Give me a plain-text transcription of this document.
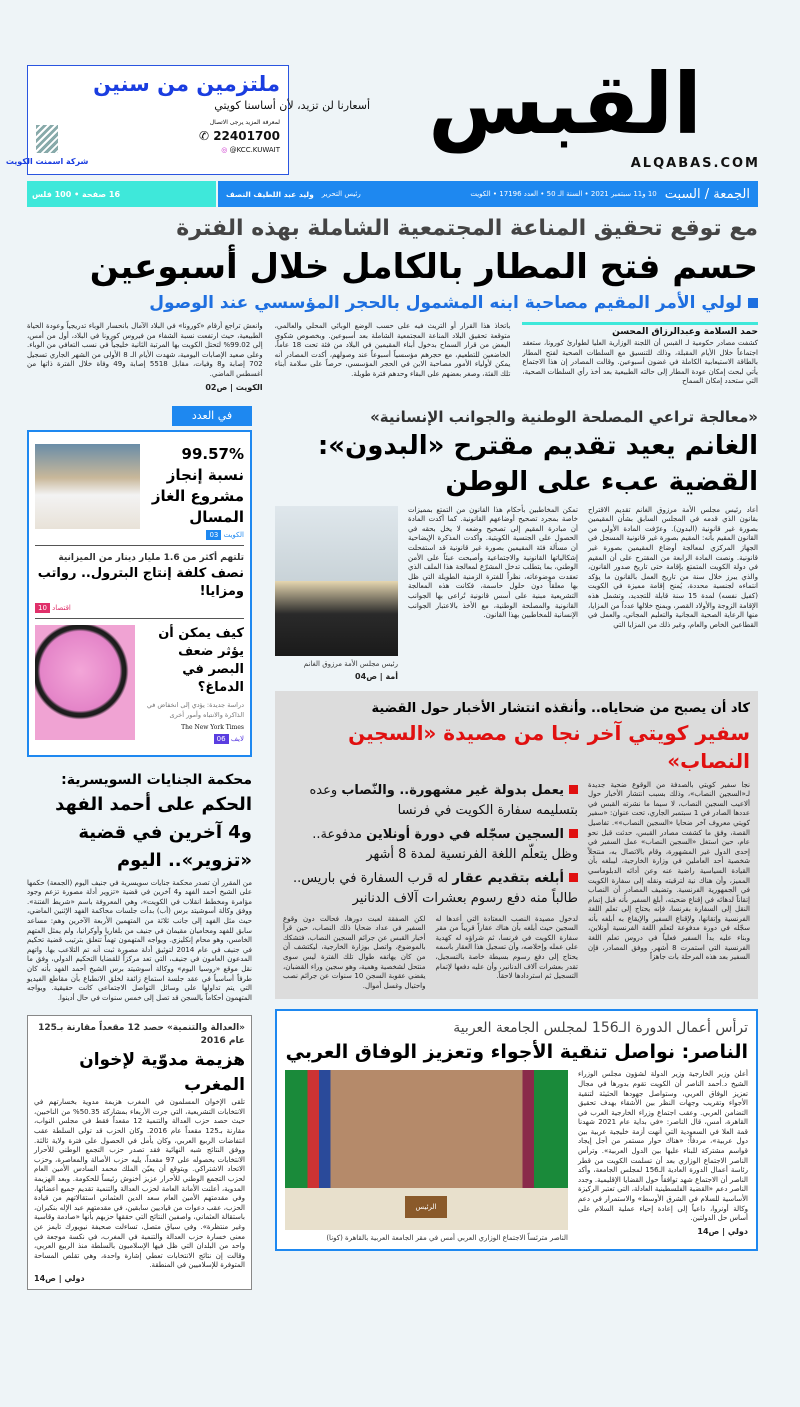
القبس
ALQABAS.COM
ملتزمين من سنين
أسعارنا لن تزيد، لأن أساسنا كويتي
لمعرفة المزيد يرجى الاتصال
✆ 22401700
◎ @KCC.KUWAIT
شركة اسمنت الكويت
الجمعة / السبت
10 و11 سبتمبر 2021 • السنة الـ 50 • العدد 17196 • الكويت
رئيس التحرير
وليد عبد اللطيف النصف
16 صفحة • 100 فلس
مع توقع تحقيق المناعة المجتمعية الشاملة بهذه الفترة
حسم فتح المطار بالكامل خلال أسبوعين
لولي الأمر المقيم مصاحبة ابنه المشمول بالحجر المؤسسي عند الوصول
حمد السلامة وعبدالرزاق المحسن
كشفت مصادر حكومية لـ القبس أن اللجنة الوزارية العليا لطوارئ كورونا، ستعقد اجتماعاً خلال الأيام المقبلة، وذلك للتنسيق مع السلطات الصحية لفتح المطار بالطاقة الاستيعابية الكاملة في غضون أسبوعين. وقالت المصادر إن هذا الاجتماع يأتي لبحث إمكان عودة المطار إلى حالته الطبيعية بعد أخذ رأي السلطات الصحية، التي ستحدد إمكان السماح
باتخاذ هذا القرار أو التريث فيه على حسب الوضع الوبائي المحلي والعالمي، متوقعة تحقيق البلاد المناعة المجتمعية الشاملة بعد أسبوعين. وبخصوص شكوى البعض من قرار السماح بدخول أبناء المقيمين في البلاد من فئة تحت 18 عاماً، الخاضعين للتطعيم، مع حجرهم مؤسسياً أسبوعاً عند وصولهم، أكدت المصادر أنه يمكن لأولياء الأمور مصاحبة الابن في الحجر المؤسسي، حرصاً على سلامة أبناء تلك الفئة، وصغر بعضهم على البقاء وحدهم فترة طويلة.
وانعش تراجع أرقام «كورونا» في البلاد الآمال بانحسار الوباء تدريجياً وعودة الحياة الطبيعية، حيث ارتفعت نسبة الشفاء من فيروس كورونا في البلاد، أول من أمس، إلى 99.02% لتحتل الكويت بها المرتبة الثانية خليجياً في نسب التعافي من الوباء. وعلى صعيد الإصابات اليومية، شهدت الأيام الـ 8 الأولى من الشهر الجاري تسجيل 702 إصابة و8 وفيات، مقابل 5518 إصابة و49 وفاة خلال الفترة ذاتها من أغسطس الماضي.
الكويت | ص02
«معالجة تراعي المصلحة الوطنية والجوانب الإنسانية»
الغانم يعيد تقديم مقترح «البدون»: القضية عبء على الوطن
أعاد رئيس مجلس الأمة مرزوق الغانم تقديم الاقتراح بقانون الذي قدمه في المجلس السابق بشأن المقيمين بصورة غير قانونية (البدون). وعرّفت المادة الأولى من القانون المقيم بأنه: المقيم بصورة غير قانونية المسجل في الجهاز المركزي لمعالجة أوضاع المقيمين بصورة غير قانونية. ونصت المادة الرابعة من المقترح على أن المقيم في دولة الكويت المتمتع بإقامة حتى تاريخ صدور القانون، والذي يبرز خلال سنة من تاريخ العمل بالقانون ما يؤكد انتماءه لجنسية محددة، يُمنح إقامة مميزة في الكويت (كفيل نفسه) لمدة 15 سنة قابلة للتجديد، وتشمل هذه الإقامة الزوجة والأولاد القصر، ويمنح خلالها عدداً من المزايا، منها الرعاية الصحية المجانية والتعليم المجاني، والعمل في القطاعين الخاص والعام، وغير ذلك من المزايا التي
تمكن المخاطبين بأحكام هذا القانون من التمتع بمميزات خاصة بمجرد تصحيح أوضاعهم القانونية. كما أكدت المادة أن مبادرة المقيم إلى تصحيح وضعه لا يخل بحقه في الحصول على الجنسية الكويتية. وأكدت المذكرة الإيضاحية أن مسألة فئة المقيمين بصورة غير قانونية قد استفحلت إشكالياتها القانونية والاجتماعية وأصبحت عبئاً على الأمن الوطني، بما يتطلب تدخل المشرّع لمعالجة هذا الملف الذي تعقدت موضوعاته، نظراً للفترة الزمنية الطويلة التي ظل بها معلقاً دون حلول حاسمة، فكانت هذه المعالجة التشريعية مبنية على أسس قانونية تُراعى بها الجوانب القانونية والمصلحة الوطنية، مع الأخذ بالاعتبار الجوانب الإنسانية للمخاطبين بهذا القانون.
رئيس مجلس الأمة مرزوق الغانم
أمة | ص04
كاد أن يصبح من ضحاياه.. وأنقذه انتشار الأخبار حول القضية
سفير كويتي آخر نجا من مصيدة «السجين النصاب»
نجا سفير كويتي بالصدفة من الوقوع ضحية جديدة لـ«السجين النصاب»، وذلك بسبب انتشار الأخبار حول ألاعيب السجين النصاب، لا سيما ما نشرته القبس في عددها الصادر في 1 سبتمبر الجاري، تحت عنوان: «سفير كويتي معروف آخر ضحايا «السجين النصاب»». تفاصيل القصة، وفق ما كشفت مصادر القبس، حدثت قبل نحو عام، حين استغل «السجين النصاب» عمل السفير في إحدى الدول غير المشهورة، وقام بالاتصال به، منتحلاً شخصية أحد العاملين في وزارة الخارجية، ليبلغه بأن القيادة السياسية راضية عنه وعن أدائه الدبلوماسي المميز، وأن هناك نية لترقيته ونقله إلى سفارة الكويت في الجمهورية الفرنسية. وتضيف المصادر أن النصاب إتقاناً لدهائه في إقناع ضحيته، أبلغ السفير بأنه قبل إتمام النقل إلى السفارة بفرنسا، فإنه يحتاج إلى تعلم اللغة الفرنسية وإتقانها، ولإقناع السفير والإيقاع به أبلغه بأنه سجّله في دورة مدفوعة لتعلم اللغة الفرنسية أونلاين، وبناء عليه بدأ السفير فعلياً في دروس تعلم اللغة الفرنسية التي استمرت 8 أشهر. ووفق المصادر، فإن السفير بعد هذه المرحلة بات جاهزاً
يعمل بدولة غير مشهورة.. والنّصاب وعده بتسليمه سفارة الكويت في فرنسا
السجين سجّله في دورة أونلاين مدفوعة.. وظل يتعلّم اللغة الفرنسية لمدة 8 أشهر
أبلغه بتقديم عقار له قرب السفارة في باريس.. طالباً منه دفع رسوم بعشرات آلاف الدنانير
لدخول مصيدة النصب المعتادة التي أعدها له السجين حيث أبلغه بأن هناك عقاراً قريباً من مقر سفارة الكويت في فرنسا، ثم شراؤه له كهدية على عمله وإخلاصه، وأن تسجيل هذا العقار باسمه يحتاج إلى دفع رسوم بسيطة خاصة بالتسجيل، تقدر بعشرات آلاف الدنانير، وأن عليه دفعها لإتمام التسجيل ثم استردادها لاحقاً.
لكن الصفقة لعبت دورها، فحالت دون وقوع السفير في عداد ضحايا ذلك النصاب، حين قرأ أخبار القبس عن جرائم السجين النصاب، فتشكك بالموضوع، واتصل بوزارة الخارجية، ليكتشف أن من كان يهاتفه طوال تلك الفترة ليس سوى منتحل لشخصية وهمية، وهو سجين وراء القضبان، يقضي عقوبة السجن 10 سنوات عن جرائم نصب واحتيال وغسل أموال.
ترأس أعمال الدورة الـ156 لمجلس الجامعة العربية
الناصر: نواصل تنقية الأجواء وتعزيز الوفاق العربي
أعلن وزير الخارجية وزير الدولة لشؤون مجلس الوزراء الشيخ د.أحمد الناصر أن الكويت تقوم بدورها في مجال تعزيز الوفاق العربي، وستواصل جهودها الحثيثة لتنقية الأجواء وتقريب وجهات النظر بين الأشقاء بهدف تحقيق التضامن العربي. وعقب اجتماع وزراء الخارجية العرب في القاهرة، أمس، قال الناصر: «في بداية عام 2021 شهدنا قمة العلا في السعودية التي أنهت أزمة خليجية عربية بين دول عربية»، مردفاً: «هناك حوار مستمر من أجل إيجاد قواسم مشتركة للبناء عليها بين الدول العربية». وترأس الناصر الاجتماع الوزاري بعد أن تسلمت الكويت من قطر رئاسة أعمال الدورة العادية الـ156 لمجلس الجامعة، وأكد الناصر أن الاجتماع شهد توافقاً حول القضايا الإقليمية. وجدد الناصر دعم «القضية الفلسطينية العادلة، التي تعتبر الركيزة الأساسية للسلام في الشرق الأوسط» والاستمرار في دعم وكالة أونروا، داعياً إلى إعادة إحياء عملية السلام على أساس حل الدولتين.
دولي | ص14
الرئيس
الناصر مترئساً الاجتماع الوزاري العربي أمس في مقر الجامعة العربية بالقاهرة (كونا)
في العدد
99.57% نسبة إنجاز مشروع الغاز المسال
الكويت 03
تلتهم أكثر من 1.6 مليار دينار من الميزانية
نصف كلفة إنتاج البترول.. رواتب ومزايا!
اقتصاد 10
كيف يمكن أن يؤثر ضعف البصر في الدماغ؟
دراسة جديدة: يؤدي إلى انخفاض في الذاكرة والانتباه وأمور أخرى
The New York Times
لايف 06
محكمة الجنايات السويسرية:
الحكم على أحمد الفهد و4 آخرين في قضية «تزوير».. اليوم
من المقرر أن تصدر محكمة جنايات سويسرية في جنيف اليوم (الجمعة) حكمها على الشيخ أحمد الفهد و4 آخرين في قضية «تزوير أدلة مصورة تزعم وجود مؤامرة ومخطط انقلاب في الكويت»، وهي المعروفة باسم «شريط الفتنة». ووفق وكالة أسوشيتد برس (أب) بدأت جلسات محاكمة الفهد الإثنين الماضي، حيث مثل الفهد إلى جانب ثلاثة من المتهمين الأربعة الآخرين وهم: مساعد سابق للفهد ومحاميان مقيمان في جنيف من بلغاريا وأوكرانيا، ولم يمثل المتهم الخامس، وهو محام إنكليزي. ويواجه المتهمون تهماً تتعلق بترتيب قضية تحكيم في جنيف في عام 2014 لتوثيق أدلة مصورة ثبت أنه تم التلاعب بها. واتهم المدعون العامون في جنيف، التي تعد مركزاً للقضايا التحكيم الدولي، وفق ما نقل موقع «روسيا اليوم» ووكالة أسوشيتد برس الشيخ أحمد الفهد بأنه كان طرفاً أساسياً في عقد جلسة استماع زائفة لخلق الانطباع بأن مقاطع الفيديو التي يتم تداولها على وسائل التواصل الاجتماعي كانت حقيقية. ويواجه المتهمون أحكاماً بالسجن قد تصل إلى خمس سنوات في حال أدينوا.
«العدالة والتنمية» حصد 12 مقعداً مقارنة بـ125 عام 2016
هزيمة مدوّية لإخوان المغرب
تلقى الإخوان المسلمون في المغرب هزيمة مدوية بخسارتهم في الانتخابات التشريعية، التي جرت الأربعاء بمشاركة 50.35% من الناخبين، حيث حصد حزب العدالة والتنمية 12 مقعداً فقط في مجلس النواب، مقارنة بـ125 مقعداً عام 2016. وكان الحزب قد تولى السلطة عقب انتفاضات الربيع العربي، وكان يأمل في الحصول على فترة ولاية ثالثة. ووفق النتائج شبه النهائية فقد تصدر حزب التجمع الوطني للأحرار الانتخابات بحصوله على 97 مقعداً، يليه حزب الأصالة والمعاصرة، وحزب الاتحاد الاشتراكي. ويتوقع أن يعيّن الملك محمد السادس الأمين العام لحزب التجمع الوطني للأحرار عزيز أخنوش رئيساً للحكومة. وبعد الهزيمة المدوية، أعلنت الأمانة العامة لحزب العدالة والتنمية تقديم جميع أعضائها، وفي مقدمتهم الأمين العام سعد الدين العثماني استقالاتهم من قيادة الحزب، عقب دعوات من قياديين سابقين، في مقدمتهم عبد الإله بنكيران، باستقالة العثماني، واصفين النتائج التي حققها حزبهم بأنها «صادمة وقاسية وغير منتظرة». وفي سياق متصل، تساءلت صحيفة نيويورك تايمز عن معنى خسارة حزب العدالة والتنمية في المغرب، في نكسة موجعة في واحد من البلدان التي ظل فيها الإسلاميون بالسلطة منذ الربيع العربي، وقالت إن نتائج الانتخابات تعطي إشارة واحدة، وهي تقلص المساحة المتوفرة للإسلاميين في المنطقة.
دولي | ص14
